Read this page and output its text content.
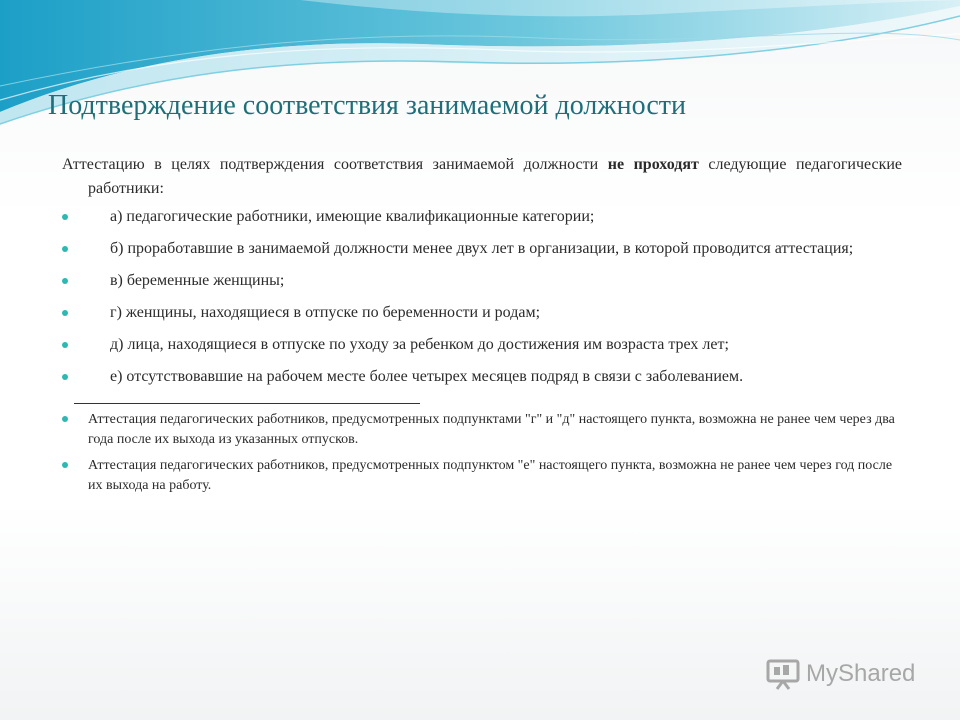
Подтверждение соответствия занимаемой должности

Аттестацию в целях подтверждения соответствия занимаемой должности не проходят следующие педагогические работники:

а) педагогические работники, имеющие квалификационные категории;
б) проработавшие в занимаемой должности менее двух лет в организации, в которой проводится аттестация;
в) беременные женщины;
г) женщины, находящиеся в отпуске по беременности и родам;
д) лица, находящиеся в отпуске по уходу за ребенком до достижения им возраста трех лет;
е) отсутствовавшие на рабочем месте более четырех месяцев подряд в связи с заболеванием.
Аттестация педагогических работников, предусмотренных подпунктами "г" и "д" настоящего пункта, возможна не ранее чем через два года после их выхода из указанных отпусков.
Аттестация педагогических работников, предусмотренных подпунктом "е" настоящего пункта, возможна не ранее чем через год после их выхода на работу.
MyShared
